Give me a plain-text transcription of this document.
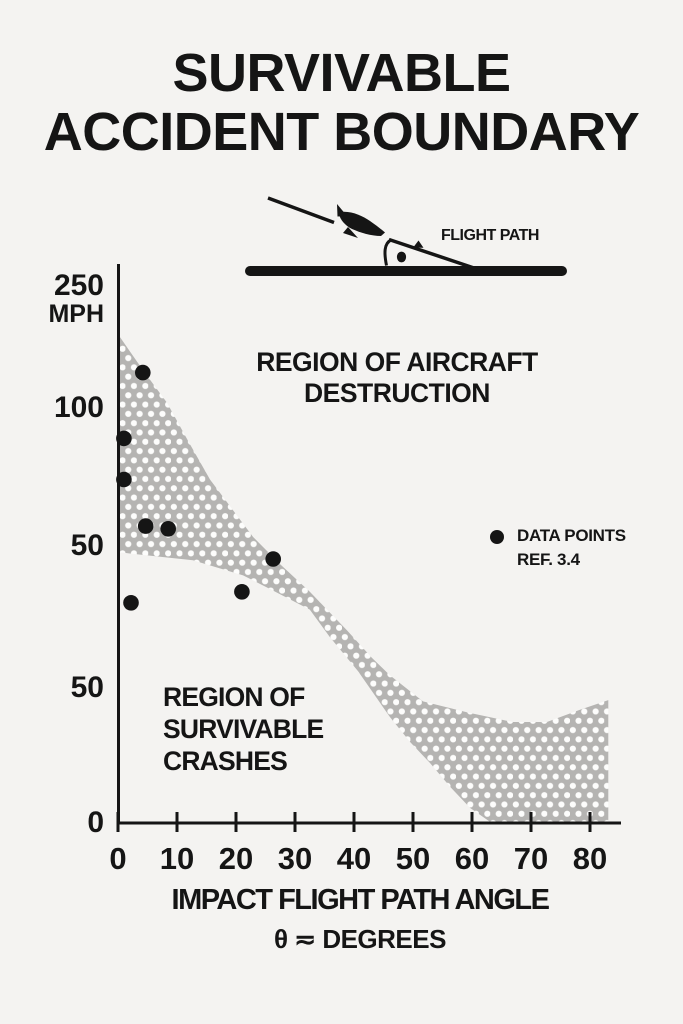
SURVIVABLE
ACCIDENT BOUNDARY
0 10 20 30 40 50 60 70 80
FLIGHT PATH
250
MPH
100
50
50
0
REGION OF AIRCRAFT
DESTRUCTION
REGION OF
SURVIVABLE
CRASHES
DATA POINTS
REF. 3.4
IMPACT FLIGHT PATH ANGLE
θ ≂ DEGREES
